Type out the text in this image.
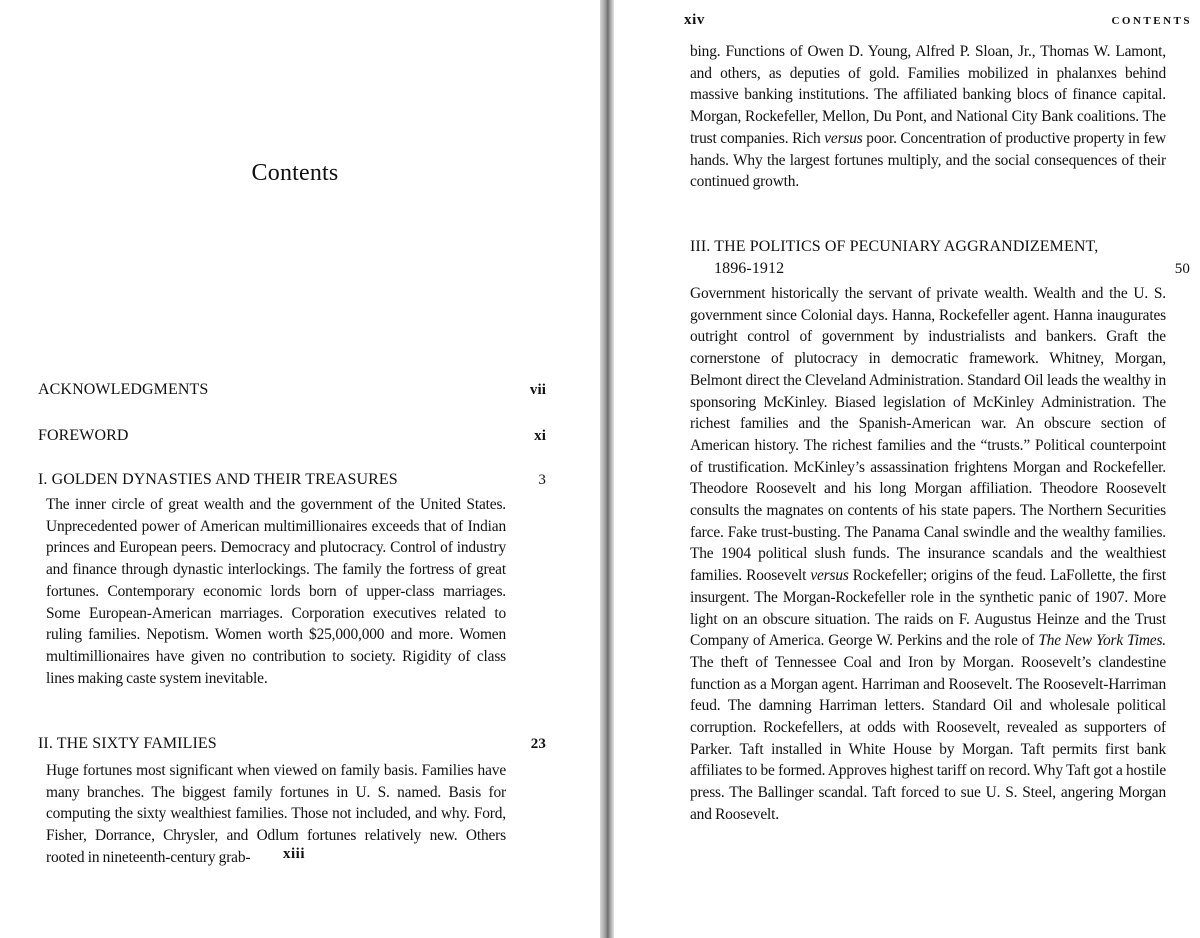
Contents
ACKNOWLEDGMENTS	vii
FOREWORD	xi
I. GOLDEN DYNASTIES AND THEIR TREASURES	3
The inner circle of great wealth and the government of the United States. Unprecedented power of American multimillionaires exceeds that of Indian princes and European peers. Democracy and plutocracy. Control of industry and finance through dynastic interlockings. The family the fortress of great fortunes. Contemporary economic lords born of upper-class marriages. Some European-American marriages. Corporation executives related to ruling families. Nepotism. Women worth $25,000,000 and more. Women multimillionaires have given no contribution to society. Rigidity of class lines making caste system inevitable.
II. THE SIXTY FAMILIES	23
Huge fortunes most significant when viewed on family basis. Families have many branches. The biggest family fortunes in U. S. named. Basis for computing the sixty wealthiest families. Those not included, and why. Ford, Fisher, Dorrance, Chrysler, and Odlum fortunes relatively new. Others rooted in nineteenth-century grab-	xiii
xiv	CONTENTS
bing. Functions of Owen D. Young, Alfred P. Sloan, Jr., Thomas W. Lamont, and others, as deputies of gold. Families mobilized in phalanxes behind massive banking institutions. The affiliated banking blocs of finance capital. Morgan, Rockefeller, Mellon, Du Pont, and National City Bank coalitions. The trust companies. Rich versus poor. Concentration of productive property in few hands. Why the largest fortunes multiply, and the social consequences of their continued growth.
III. THE POLITICS OF PECUNIARY AGGRANDIZEMENT,
1896-1912	50
Government historically the servant of private wealth. Wealth and the U. S. government since Colonial days. Hanna, Rockefeller agent. Hanna inaugurates outright control of government by industrialists and bankers. Graft the cornerstone of plutocracy in democratic framework. Whitney, Morgan, Belmont direct the Cleveland Administration. Standard Oil leads the wealthy in sponsoring McKinley. Biased legislation of McKinley Administration. The richest families and the Spanish-American war. An obscure section of American history. The richest families and the “trusts.” Political counterpoint of trustification. McKinley’s assassination frightens Morgan and Rockefeller. Theodore Roosevelt and his long Morgan affiliation. Theodore Roosevelt consults the magnates on contents of his state papers. The Northern Securities farce. Fake trust-busting. The Panama Canal swindle and the wealthy families. The 1904 political slush funds. The insurance scandals and the wealthiest families. Roosevelt versus Rockefeller; origins of the feud. LaFollette, the first insurgent. The Morgan-Rockefeller role in the synthetic panic of 1907. More light on an obscure situation. The raids on F. Augustus Heinze and the Trust Company of America. George W. Perkins and the role of The New York Times. The theft of Tennessee Coal and Iron by Morgan. Roosevelt’s clandestine function as a Morgan agent. Harriman and Roosevelt. The Roosevelt-Harriman feud. The damning Harriman letters. Standard Oil and wholesale political corruption. Rockefellers, at odds with Roosevelt, revealed as supporters of Parker. Taft installed in White House by Morgan. Taft permits first bank affiliates to be formed. Approves highest tariff on record. Why Taft got a hostile press. The Ballinger scandal. Taft forced to sue U. S. Steel, angering Morgan and Roosevelt.
